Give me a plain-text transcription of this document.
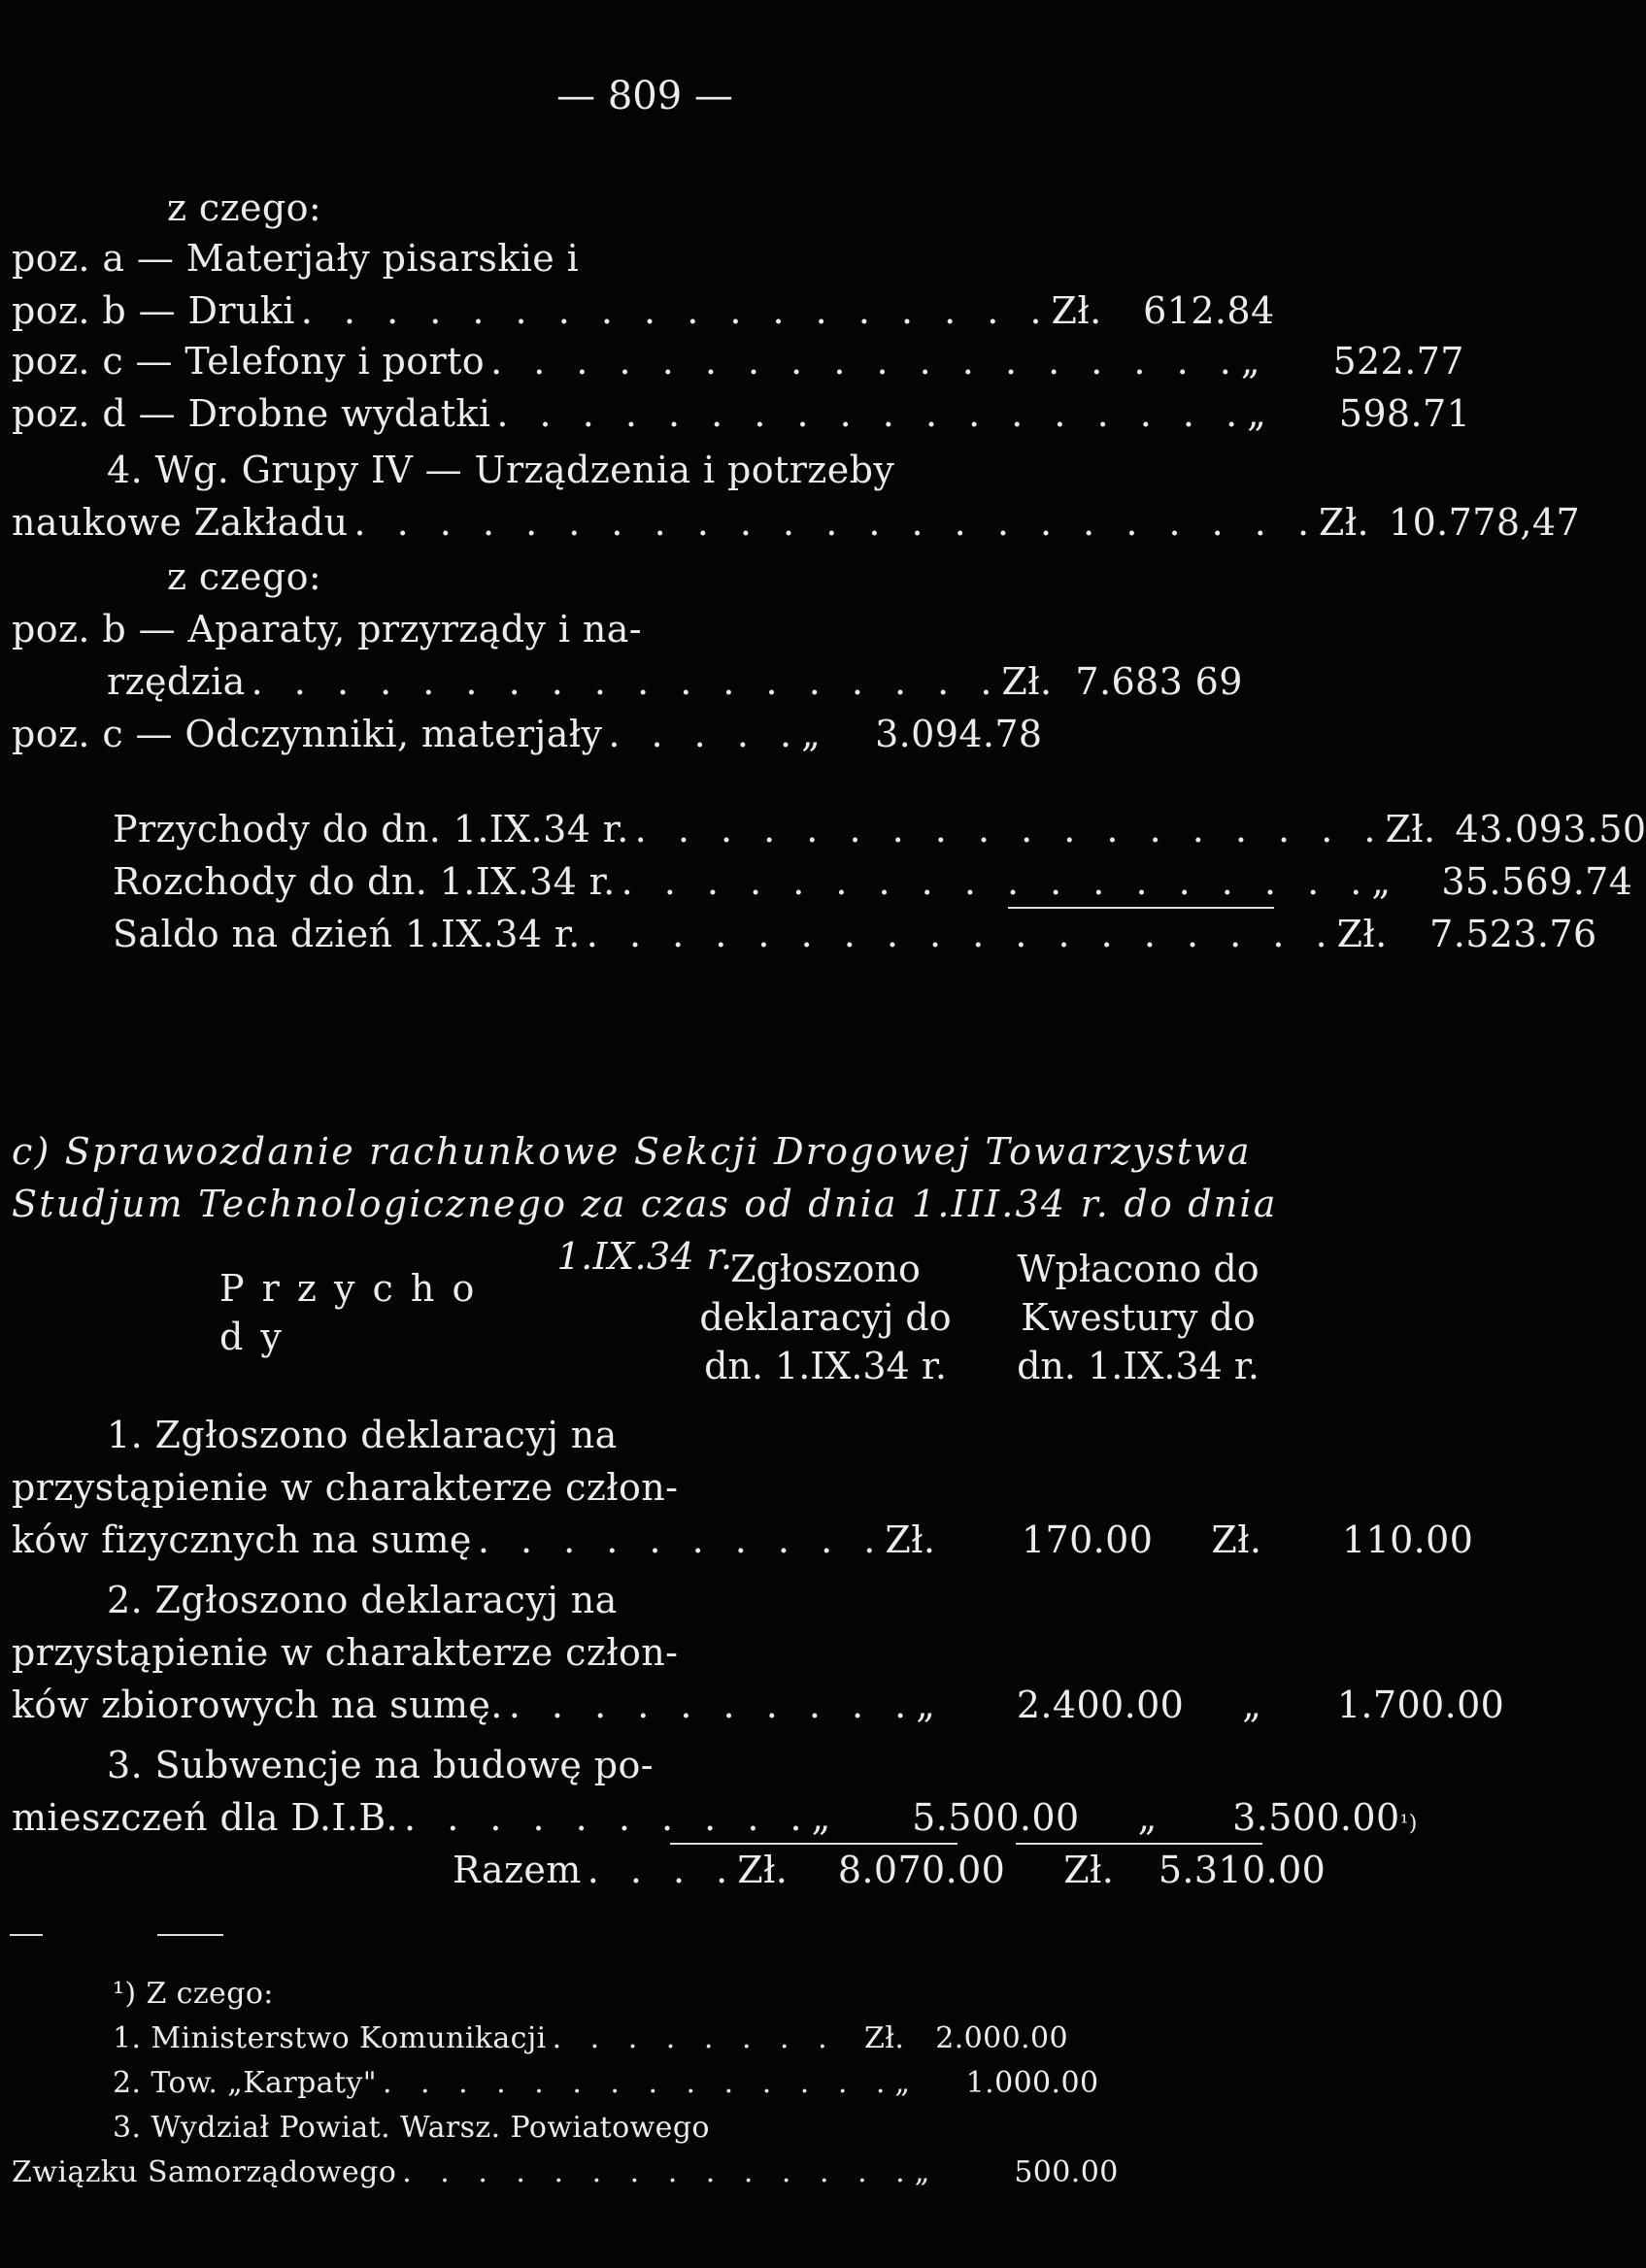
— 809 —
z czego:
poz. a — Materjały pisarskie i
poz. b — Druki . . . . . . . . . . . . . . . . . . Zł.	612.84
poz. c — Telefony i porto . . . . . . . . . . . . . . . . . . „	522.77
poz. d — Drobne wydatki . . . . . . . . . . . . . . . . . . „	598.71
4. Wg. Grupy IV — Urządzenia i potrzeby
naukowe Zakładu . . . . . . . . . . . . . . . . . . . . . . . Zł. 10.778,47
z czego:
poz. b — Aparaty, przyrządy i na-
rzędzia . . . . . . . . . . . . . . . . . . Zł. 7.683 69
poz. c — Odczynniki, materjały . . . . . „	3.094.78
Przychody do dn. 1.IX.34 r. . . . . . . . . . . . . . . . . . . Zł. 43.093.50
Rozchody do dn. 1.IX.34 r. . . . . . . . . . . . . . . . . . . „	35.569.74
Saldo na dzień 1.IX.34 r. . . . . . . . . . . . . . . . . . . Zł.	7.523.76
c) Sprawozdanie rachunkowe Sekcji Drogowej Towarzystwa
Studjum Technologicznego za czas od dnia 1.III.34 r. do dnia
1.IX.34 r.
P r z y c h o d y
Zgłoszono
deklaracyj do
dn. 1.IX.34 r.
Wpłacono do
Kwestury do
dn. 1.IX.34 r.
1. Zgłoszono deklaracyj na
przystąpienie w charakterze człon-
ków fizycznych na sumę . . . . . . . . . . Zł.	170.00 Zł.	110.00
2. Zgłoszono deklaracyj na
przystąpienie w charakterze człon-
ków zbiorowych na sumę. . . . . . . . . . . „	2.400.00 „	1.700.00
3. Subwencje na budowę po-
mieszczeń dla D.I.B. . . . . . . . . . . „	5.500.00 „	3.500.00 ¹)
Razem . . . . Zł.	8.070.00 Zł.	5.310.00
¹) Z czego:
1. Ministerstwo Komunikacji . . . . . . . . Zł.	2.000.00
2. Tow. „Karpaty" . . . . . . . . . . . . . . „	1.000.00
3. Wydział Powiat. Warsz. Powiatowego
Związku Samorządowego . . . . . . . . . . . . . . „	500.00
